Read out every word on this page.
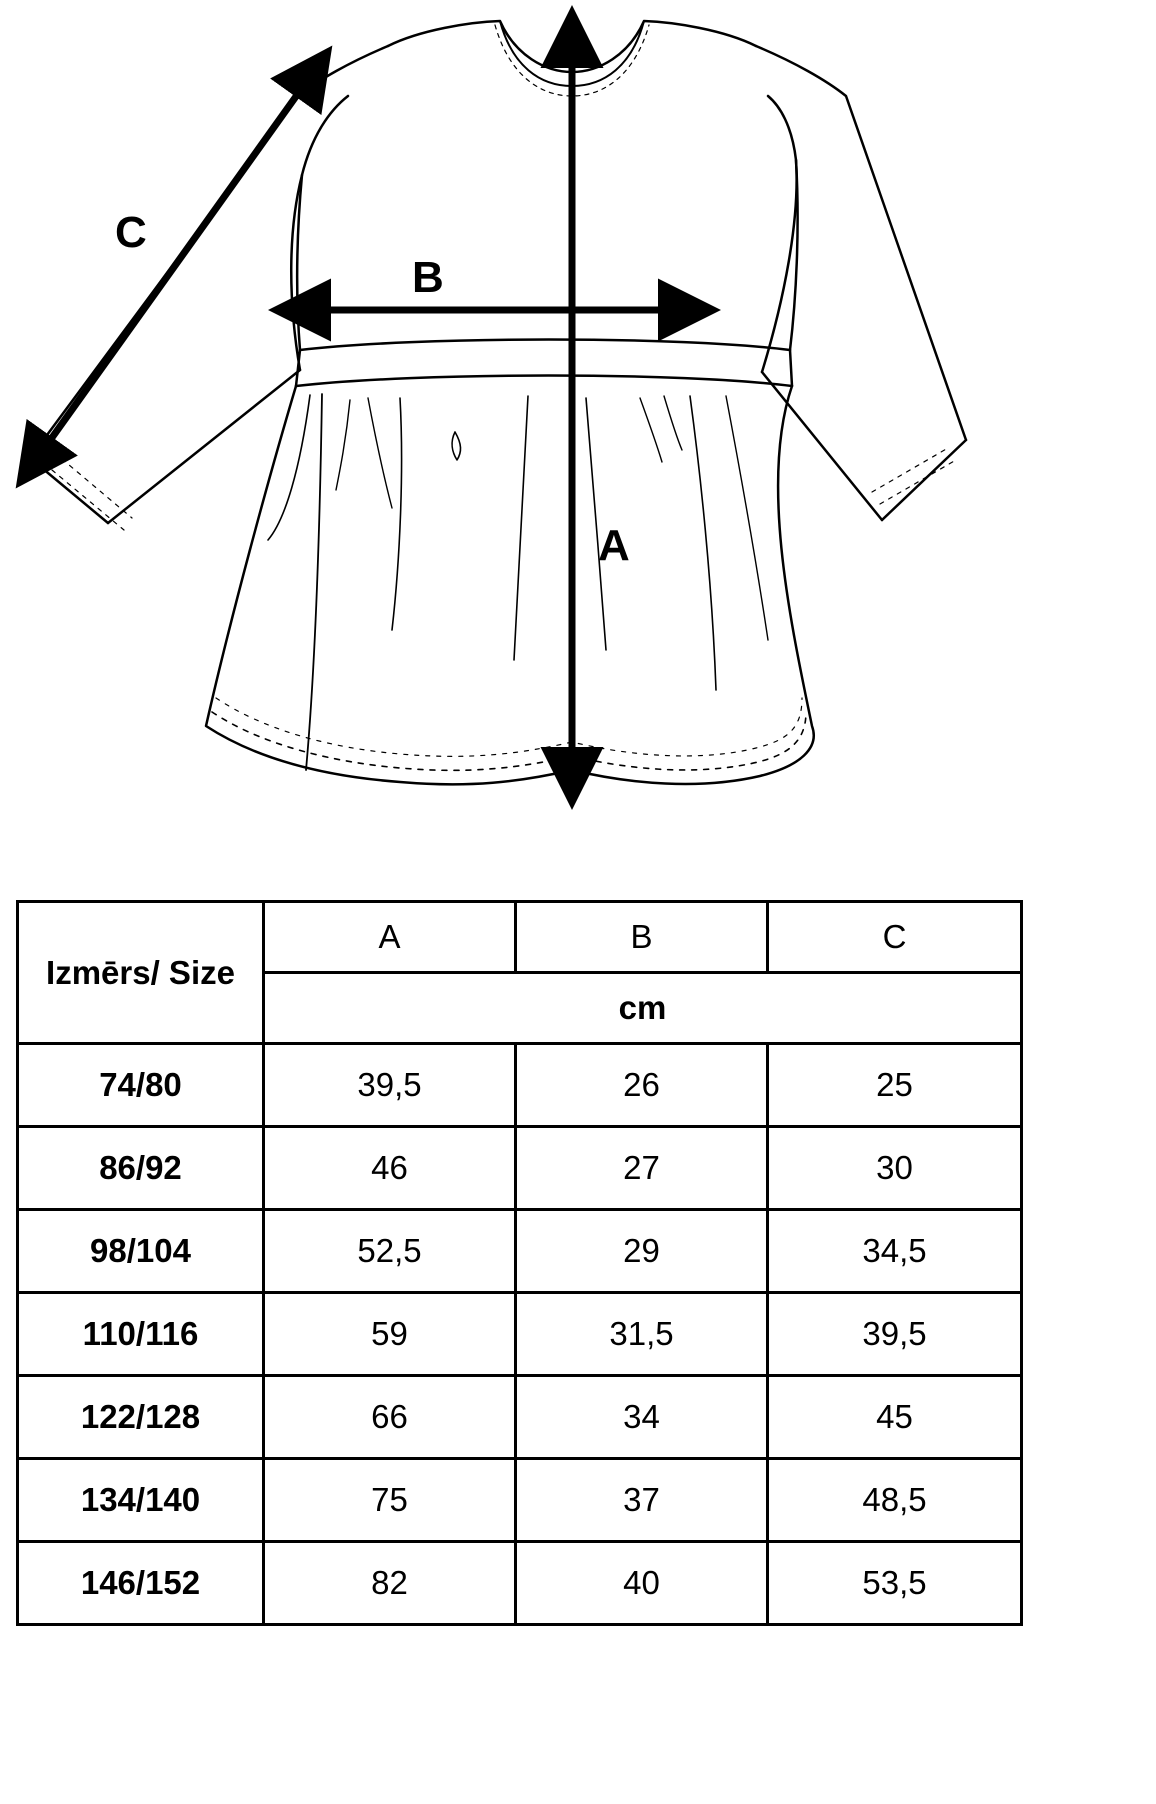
A
B
C
Izmērs/ Size	A	B	C
	cm		
74/80	39,5	26	25
86/92	46	27	30
98/104	52,5	29	34,5
110/116	59	31,5	39,5
122/128	66	34	45
134/140	75	37	48,5
146/152	82	40	53,5
